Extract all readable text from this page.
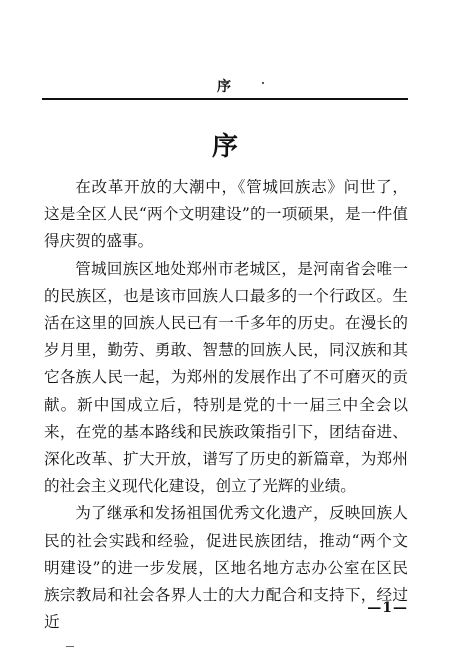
序
序

在改革开放的大潮中，《管城回族志》问世了，这是全区人民“两个文明建设”的一项硕果，是一件值得庆贺的盛事。

管城回族区地处郑州市老城区，是河南省会唯一的民族区，也是该市回族人口最多的一个行政区。生活在这里的回族人民已有一千多年的历史。在漫长的岁月里，勤劳、勇敢、智慧的回族人民，同汉族和其它各族人民一起，为郑州的发展作出了不可磨灭的贡献。新中国成立后，特别是党的十一届三中全会以来，在党的基本路线和民族政策指引下，团结奋进、深化改革、扩大开放，谱写了历史的新篇章，为郑州的社会主义现代化建设，创立了光辉的业绩。

为了继承和发扬祖国优秀文化遗产，反映回族人民的社会实践和经验，促进民族团结，推动“两个文明建设”的进一步发展，区地名地方志办公室在区民族宗教局和社会各界人士的大力配合和支持下，经过近

—1—
